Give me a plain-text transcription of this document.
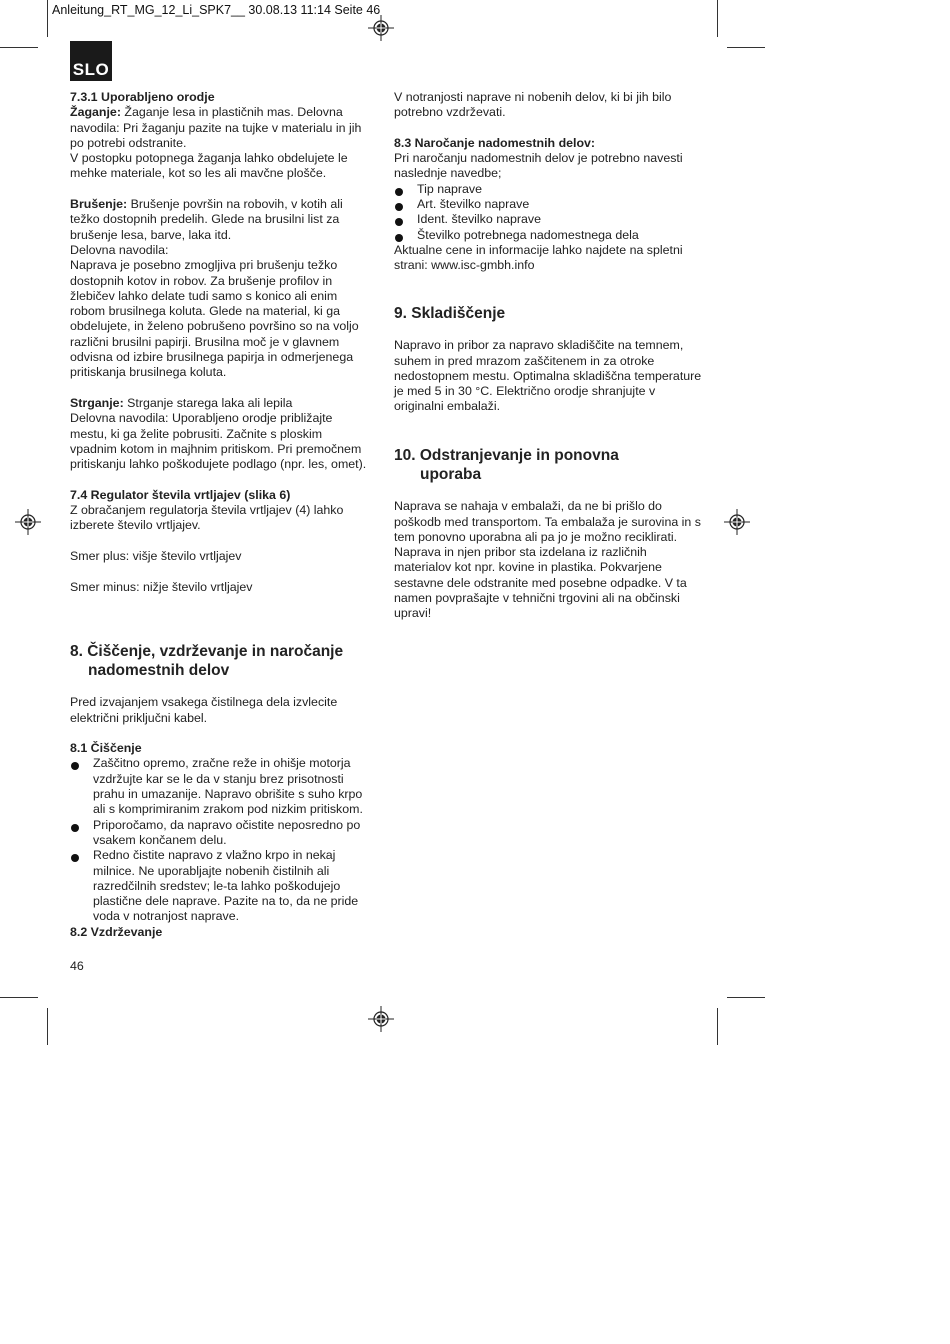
Anleitung_RT_MG_12_Li_SPK7__ 30.08.13 11:14 Seite 46
SLO

7.3.1 Uporabljeno orodje

Žaganje: Žaganje lesa in plastičnih mas. Delovna navodila: Pri žaganju pazite na tujke v materialu in jih po potrebi odstranite.

V postopku potopnega žaganja lahko obdelujete le mehke materiale, kot so les ali mavčne plošče.

Brušenje: Brušenje površin na robovih, v kotih ali težko dostopnih predelih. Glede na brusilni list za brušenje lesa, barve, laka itd.

Delovna navodila:

Naprava je posebno zmogljiva pri brušenju težko dostopnih kotov in robov. Za brušenje profilov in žlebičev lahko delate tudi samo s konico ali enim robom brusilnega koluta. Glede na material, ki ga obdelujete, in želeno pobrušeno površino so na voljo različni brusilni papirji. Brusilna moč je v glavnem odvisna od izbire brusilnega papirja in odmerjenega pritiskanja brusilnega koluta.

Strganje: Strganje starega laka ali lepila

Delovna navodila: Uporabljeno orodje približajte mestu, ki ga želite pobrusiti. Začnite s ploskim vpadnim kotom in majhnim pritiskom. Pri premočnem pritiskanju lahko poškodujete podlago (npr. les, omet).

7.4 Regulator števila vrtljajev (slika 6)

Z obračanjem regulatorja števila vrtljajev (4) lahko izberete število vrtljajev.

Smer plus: višje število vrtljajev

Smer minus: nižje število vrtljajev

8. Čiščenje, vzdrževanje in naročanje
nadomestnih delov

Pred izvajanjem vsakega čistilnega dela izvlecite električni priključni kabel.

8.1 Čiščenje

Zaščitno opremo, zračne reže in ohišje motorja vzdržujte kar se le da v stanju brez prisotnosti prahu in umazanije. Napravo obrišite s suho krpo ali s komprimiranim zrakom pod nizkim pritiskom.
Priporočamo, da napravo očistite neposredno po vsakem končanem delu.
Redno čistite napravo z vlažno krpo in nekaj milnice. Ne uporabljajte nobenih čistilnih ali razredčilnih sredstev; le-ta lahko poškodujejo plastične dele naprave. Pazite na to, da ne pride voda v notranjost naprave.

8.2 Vzdrževanje

V notranjosti naprave ni nobenih delov, ki bi jih bilo potrebno vzdrževati.

8.3 Naročanje nadomestnih delov:

Pri naročanju nadomestnih delov je potrebno navesti naslednje navedbe;

Tip naprave
Art. številko naprave
Ident. številko naprave
Številko potrebnega nadomestnega dela

Aktualne cene in informacije lahko najdete na spletni strani: www.isc-gmbh.info

9. Skladiščenje

Napravo in pribor za napravo skladiščite na temnem, suhem in pred mrazom zaščitenem in za otroke nedostopnem mestu. Optimalna skladiščna temperature je med 5 in 30 °C. Električno orodje shranjujte v originalni embalaži.

10. Odstranjevanje in ponovna
uporaba

Naprava se nahaja v embalaži, da ne bi prišlo do poškodb med transportom. Ta embalaža je surovina in s tem ponovno uporabna ali pa jo je možno reciklirati. Naprava in njen pribor sta izdelana iz različnih materialov kot npr. kovine in plastika. Pokvarjene sestavne dele odstranite med posebne odpadke. V ta namen povprašajte v tehnični trgovini ali na občinski upravi!

46
